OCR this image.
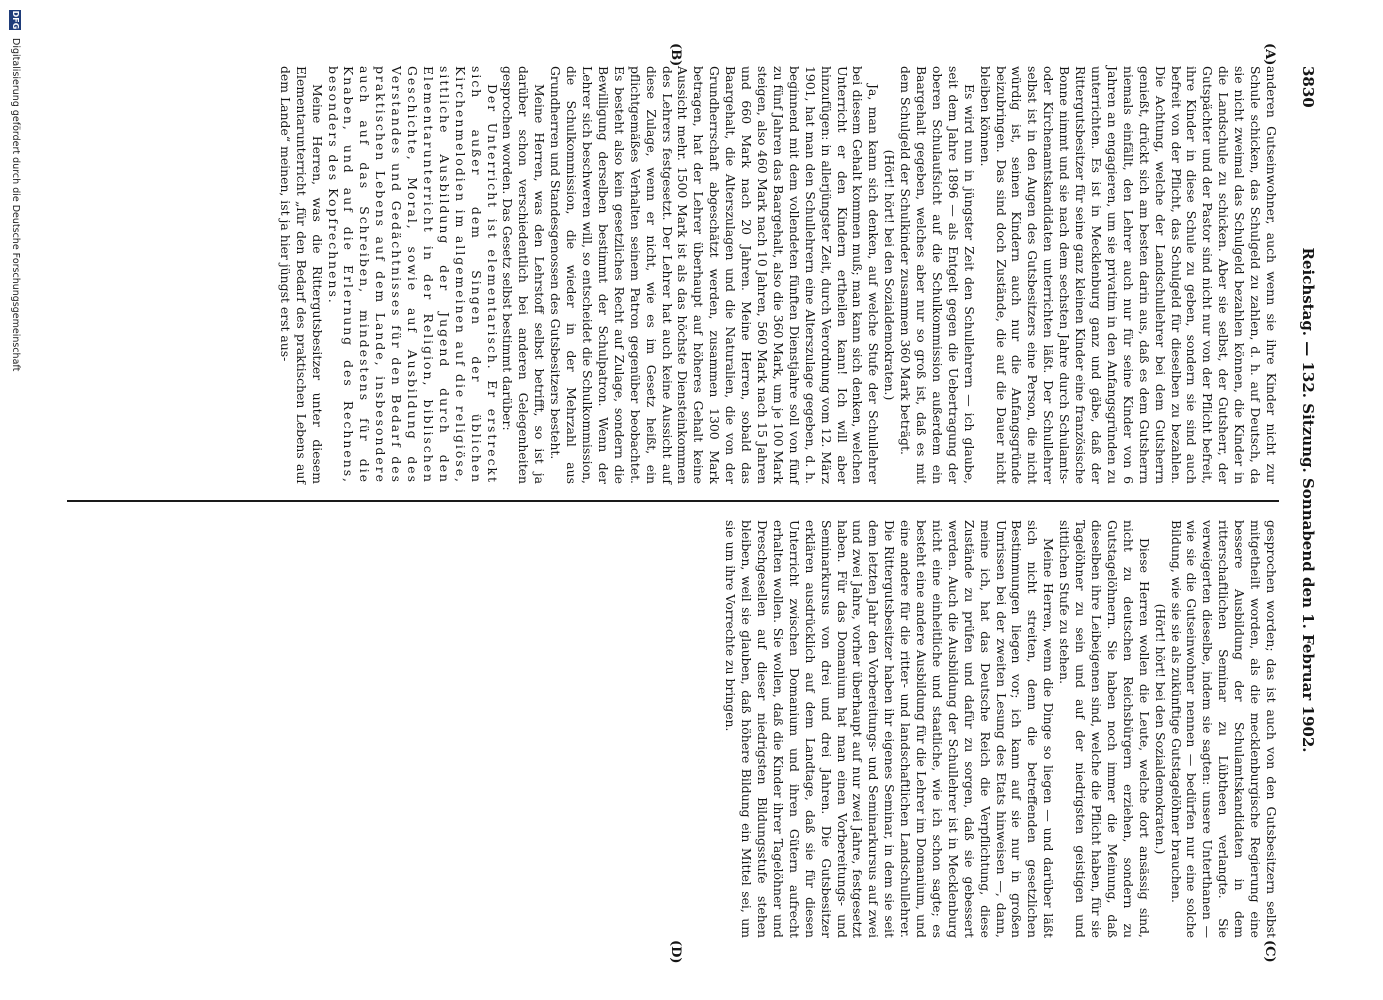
3830
Reichstag. — 132. Sitzung. Sonnabend den 1. Februar 1902.
(A)
(B)
(C)
(D)

anderen Gutseinwohner, auch wenn sie ihre Kinder nicht zur Schule schicken, das Schulgeld zu zahlen, d. h. auf Deutsch, da sie nicht zweimal das Schulgeld bezahlen können, die Kinder in die Landschule zu schicken. Aber sie selbst, der Gutsherr, der Gutspächter und der Pastor sind nicht nur von der Pflicht befreit, ihre Kinder in diese Schule zu geben, sondern sie sind auch befreit von der Pflicht, das Schulgeld für dieselben zu bezahlen. Die Achtung, welche der Landschullehrer bei dem Gutsherrn genießt, drückt sich am besten darin aus, daß es dem Gutsherrn niemals einfällt, den Lehrer auch nur für seine Kinder von 6 Jahren an engagieren, um sie privatim in den Anfangsgründen zu unterrichten. Es ist in Mecklenburg ganz und gäbe, daß der Rittergutsbesitzer für seine ganz kleinen Kinder eine französische Bonne nimmt und sie nach dem sechsten Jahre durch Schulamts- oder Kirchenamtskandidaten unterrichten läßt. Der Schullehrer selbst ist in den Augen des Gutsbesitzers eine Person, die nicht würdig ist, seinen Kindern auch nur die Anfangsgründe beizubringen. Das sind doch Zustände, die auf die Dauer nicht bleiben können.

Es wird nun in jüngster Zeit den Schullehrern — ich glaube, seit dem Jahre 1896 — als Entgelt gegen die Uebertragung der oberen Schulaufsicht auf die Schulkommission außerdem ein Baargehalt gegeben, welches aber nur so groß ist, daß es mit dem Schulgeld der Schulkinder zusammen 360 Mark beträgt.

(Hört! hört! bei den Sozialdemokraten.)

Ja, man kann sich denken, auf welche Stufe der Schullehrer bei diesem Gehalt kommen muß; man kann sich denken, welchen Unterricht er den Kindern ertheilen kann! Ich will aber hinzufügen: in allerjüngster Zeit, durch Verordnung vom 12. März 1901, hat man den Schullehrern eine Alterszulage gegeben, d. h. beginnend mit dem vollendeten fünften Dienstjahre soll von fünf zu fünf Jahren das Baargehalt, also die 360 Mark, um je 100 Mark steigen, also 460 Mark nach 10 Jahren, 560 Mark nach 15 Jahren und 660 Mark nach 20 Jahren. Meine Herren, sobald das Baargehalt, die Alterszulagen und die Naturalien, die von der Grundherrschaft abgeschätzt werden, zusammen 1300 Mark betragen, hat der Lehrer überhaupt auf höheres Gehalt keine Aussicht mehr. 1500 Mark ist als das höchste Diensteinkommen des Lehrers festgesetzt. Der Lehrer hat auch keine Aussicht auf diese Zulage, wenn er nicht, wie es im Gesetz heißt, ein pflichtgemäßes Verhalten seinem Patron gegenüber beobachtet. Es besteht also kein gesetzliches Recht auf Zulage, sondern die Bewilligung derselben bestimmt der Schulpatron. Wenn der Lehrer sich beschweren will, so entscheidet die Schulkommission, die Schulkommission, die wieder in der Mehrzahl aus Grundherren und Standesgenossen des Gutsbesitzers besteht.

Meine Herren, was den Lehrstoff selbst betrifft, so ist ja darüber schon verschiedentlich bei anderen Gelegenheiten gesprochen worden. Das Gesetz selbst bestimmt darüber:

Der Unterricht ist elementarisch. Er erstreckt sich außer dem Singen der üblichen Kirchenmelodien im allgemeinen auf die religiöse, sittliche Ausbildung der Jugend durch den Elementarunterricht in der Religion, biblischen Geschichte, Moral, sowie auf Ausbildung des Verstandes und Gedächtnisses für den Bedarf des praktischen Lebens auf dem Lande, insbesondere auch auf das Schreiben, mindestens für die Knaben, und auf die Erlernung des Rechnens, besonders des Kopfrechnens.

Meine Herren, was die Rittergutsbesitzer unter diesem Elementarunterricht „für den Bedarf des praktischen Lebens auf dem Lande“ meinen, ist ja hier jüngst erst aus-

gesprochen worden; das ist auch von den Gutsbesitzern selbst mitgetheilt worden, als die mecklenburgische Regierung eine bessere Ausbildung der Schulamtskandidaten in dem ritterschaftlichen Seminar zu Lübtheen verlangte. Sie verweigerten dieselbe, indem sie sagten: unsere Unterthanen — wie sie die Gutseinwohner nennen — bedürfen nur eine solche Bildung, wie sie sie als zukünftige Gutstagelöhner brauchen.

(Hört! hört! bei den Sozialdemokraten.)

Diese Herren wollen die Leute, welche dort ansässig sind, nicht zu deutschen Reichsbürgern erziehen, sondern zu Gutstagelöhnern. Sie haben noch immer die Meinung, daß dieselben ihre Leibeigenen sind, welche die Pflicht haben, für sie Tagelöhner zu sein und auf der niedrigsten geistigen und sittlichen Stufe zu stehen.

Meine Herren, wenn die Dinge so liegen — und darüber läßt sich nicht streiten, denn die betreffenden gesetzlichen Bestimmungen liegen vor; ich kann auf sie nur in großen Umrissen bei der zweiten Lesung des Etats hinweisen —, dann, meine ich, hat das Deutsche Reich die Verpflichtung, diese Zustände zu prüfen und dafür zu sorgen, daß sie gebessert werden. Auch die Ausbildung der Schullehrer ist in Mecklenburg nicht eine einheitliche und staatliche, wie ich schon sagte; es besteht eine andere Ausbildung für die Lehrer im Domanium, und eine andere für die ritter- und landschaftlichen Landschullehrer. Die Rittergutsbesitzer haben ihr eigenes Seminar, in dem sie seit dem letzten Jahr den Vorbereitungs- und Seminarkursus auf zwei und zwei Jahre, vorher überhaupt auf nur zwei Jahre, festgesetzt haben. Für das Domanium hat man einen Vorbereitungs- und Seminarkursus von drei und drei Jahren. Die Gutsbesitzer erklären ausdrücklich auf dem Landtage, daß sie für diesen Unterricht zwischen Domanium und ihren Gütern aufrecht erhalten wollen. Sie wollen, daß die Kinder ihrer Tagelöhner und Dreschgesellen auf dieser niedrigsten Bildungsstufe stehen bleiben, weil sie glauben, daß höhere Bildung ein Mittel sei, um sie um ihre Vorrechte zu bringen.

DFG
Digitalisierung gefördert durch die Deutsche Forschungsgemeinschaft
